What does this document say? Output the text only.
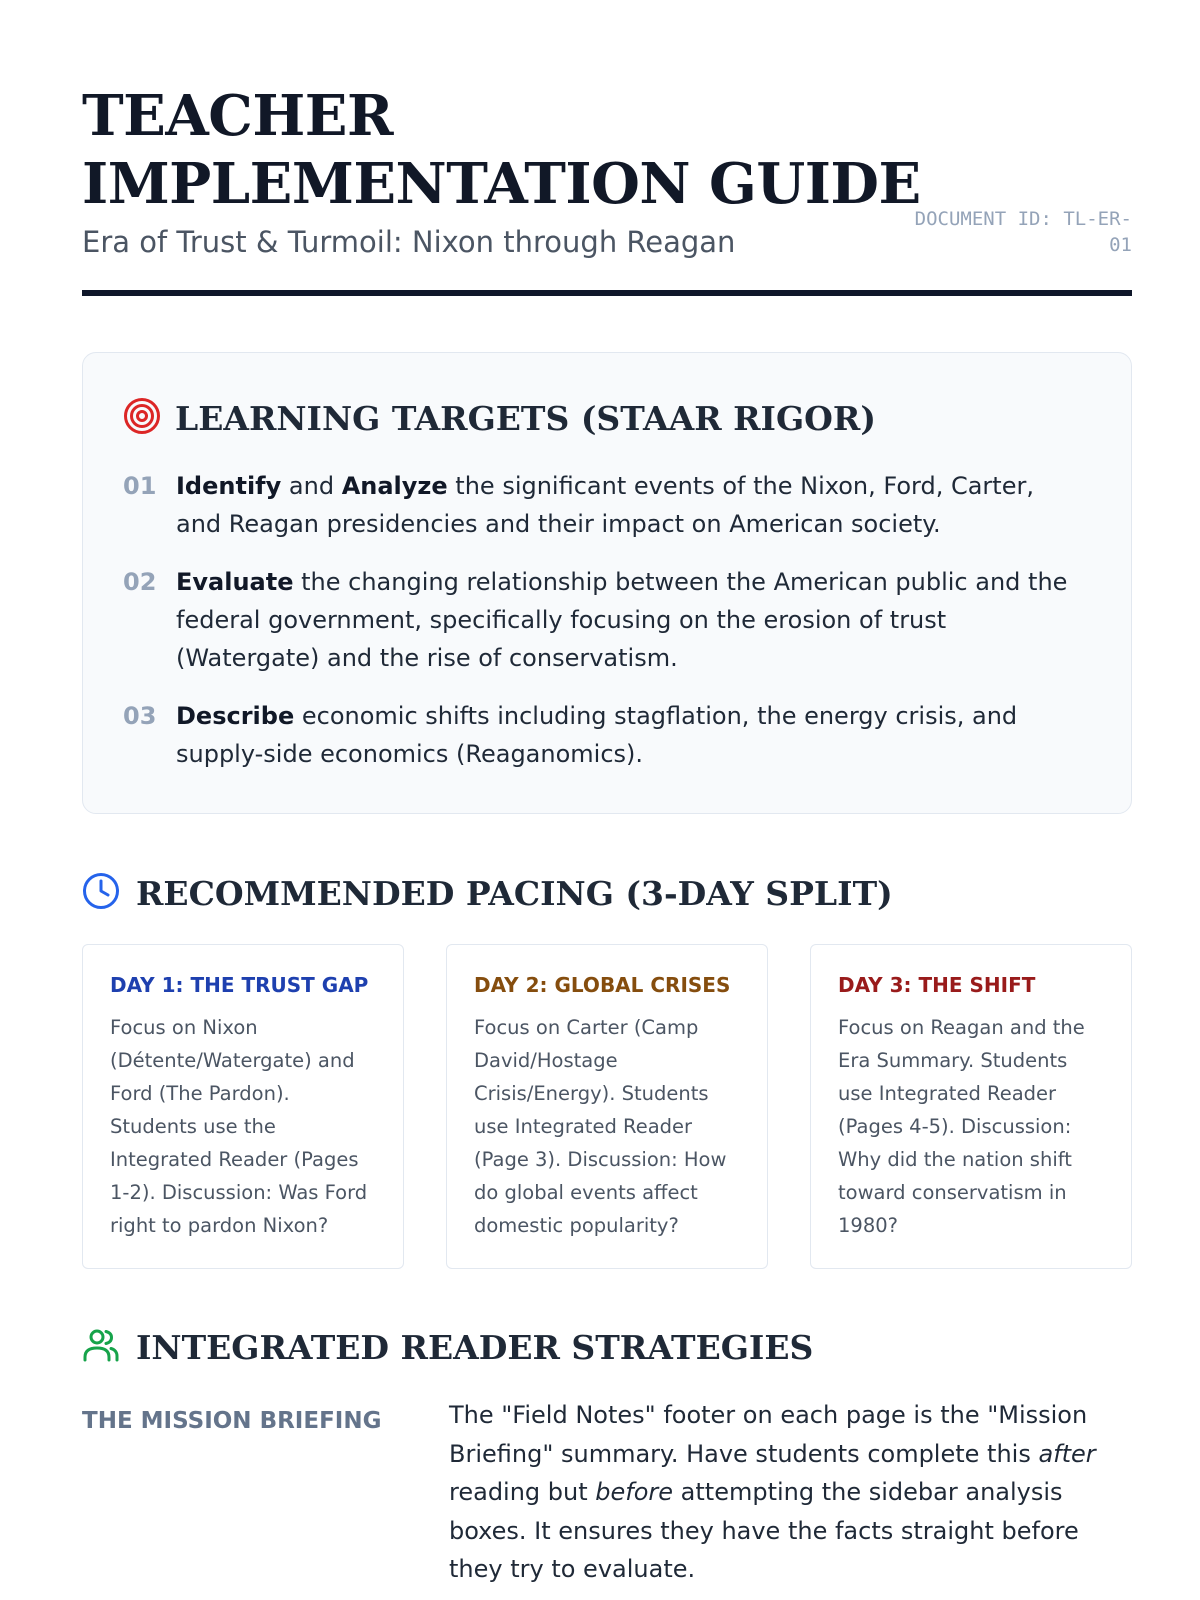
TEACHER IMPLEMENTATION GUIDE
Era of Trust & Turmoil: Nixon through Reagan
DOCUMENT ID: TL-ER-01
LEARNING TARGETS (STAAR RIGOR)
01 Identify and Analyze the significant events of the Nixon, Ford, Carter, and Reagan presidencies and their impact on American society.
02 Evaluate the changing relationship between the American public and the federal government, specifically focusing on the erosion of trust (Watergate) and the rise of conservatism.
03 Describe economic shifts including stagflation, the energy crisis, and supply-side economics (Reaganomics).
RECOMMENDED PACING (3-DAY SPLIT)
DAY 1: THE TRUST GAP
Focus on Nixon (Détente/Watergate) and Ford (The Pardon). Students use the Integrated Reader (Pages 1-2). Discussion: Was Ford right to pardon Nixon?
DAY 2: GLOBAL CRISES
Focus on Carter (Camp David/Hostage Crisis/Energy). Students use Integrated Reader (Page 3). Discussion: How do global events affect domestic popularity?
DAY 3: THE SHIFT
Focus on Reagan and the Era Summary. Students use Integrated Reader (Pages 4-5). Discussion: Why did the nation shift toward conservatism in 1980?
INTEGRATED READER STRATEGIES
THE MISSION BRIEFING	The "Field Notes" footer on each page is the "Mission Briefing" summary. Have students complete this after reading but before attempting the sidebar analysis boxes. It ensures they have the facts straight before they try to evaluate.
